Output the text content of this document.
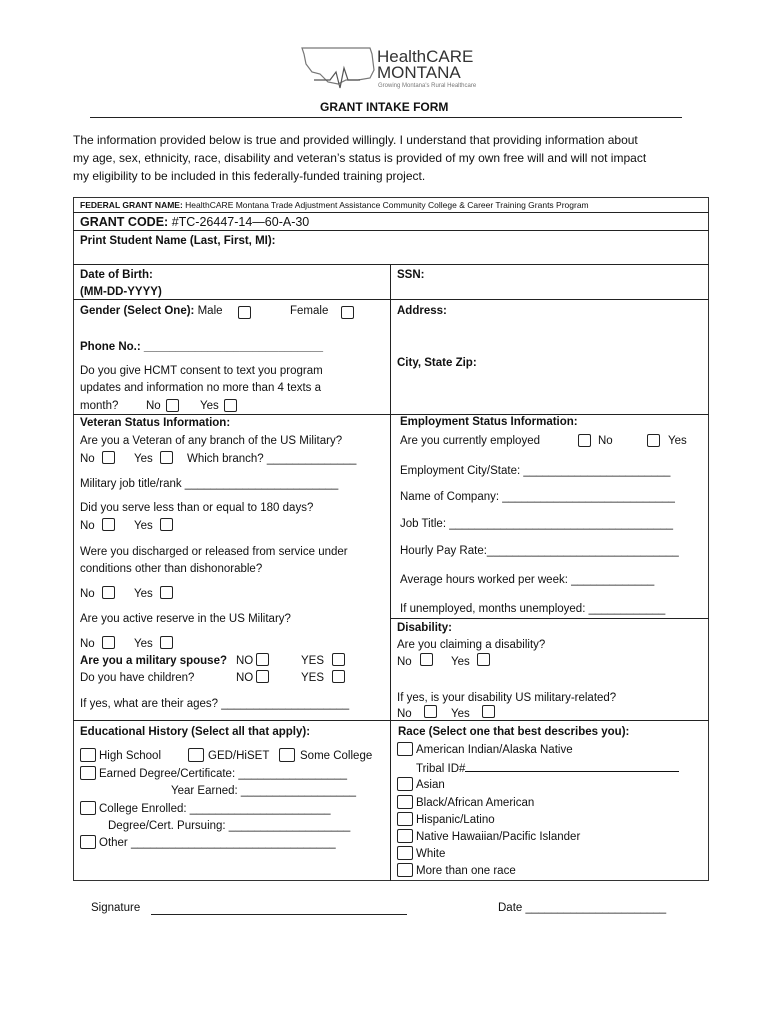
HealthCARE
MONTANA
Growing Montana's Rural Healthcare
GRANT INTAKE FORM

The information provided below is true and provided willingly. I understand that providing information about

my age, sex, ethnicity, race, disability and veteran’s status is provided of my own free will and will not impact

my eligibility to be included in this federally-funded training project.

FEDERAL GRANT NAME: HealthCARE Montana Trade Adjustment Assistance Community College & Career Training Grants Program
GRANT CODE: #TC-26447-14—60-A-30
Print Student Name (Last, First, MI):
Date of Birth:
(MM-DD-YYYY)
SSN:
Gender (Select One): Male	Female	Address:
Phone No.: ____________________________
City, State Zip:
Do you give HCMT consent to text you program
updates and information no more than 4 texts a
month? No	Yes
Veteran Status Information:
Are you a Veteran of any branch of the US Military?
No	Yes	Which branch? ______________
Military job title/rank ________________________
Did you serve less than or equal to 180 days?
No	Yes
Were you discharged or released from service under
conditions other than dishonorable?
No	Yes
Are you active reserve in the US Military?
No	Yes
Are you a military spouse? NO	YES
Do you have children?	NO	YES
If yes, what are their ages? ____________________
Employment Status Information:
Are you currently employed	No	Yes
Employment City/State: _______________________
Name of Company: ___________________________
Job Title: ___________________________________
Hourly Pay Rate:______________________________
Average hours worked per week: _____________
If unemployed, months unemployed: ____________
Disability:
Are you claiming a disability?
No	Yes
If yes, is your disability US military-related?
No	Yes
Educational History (Select all that apply):
High School	GED/HiSET	Some College
Earned Degree/Certificate: _________________
Year Earned: __________________
College Enrolled: ______________________
Degree/Cert. Pursuing: ___________________
Other ________________________________
Race (Select one that best describes you):
American Indian/Alaska Native
Tribal ID#
Asian
Black/African American
Hispanic/Latino
Native Hawaiian/Pacific Islander
White
More than one race
Signature	Date ______________________
